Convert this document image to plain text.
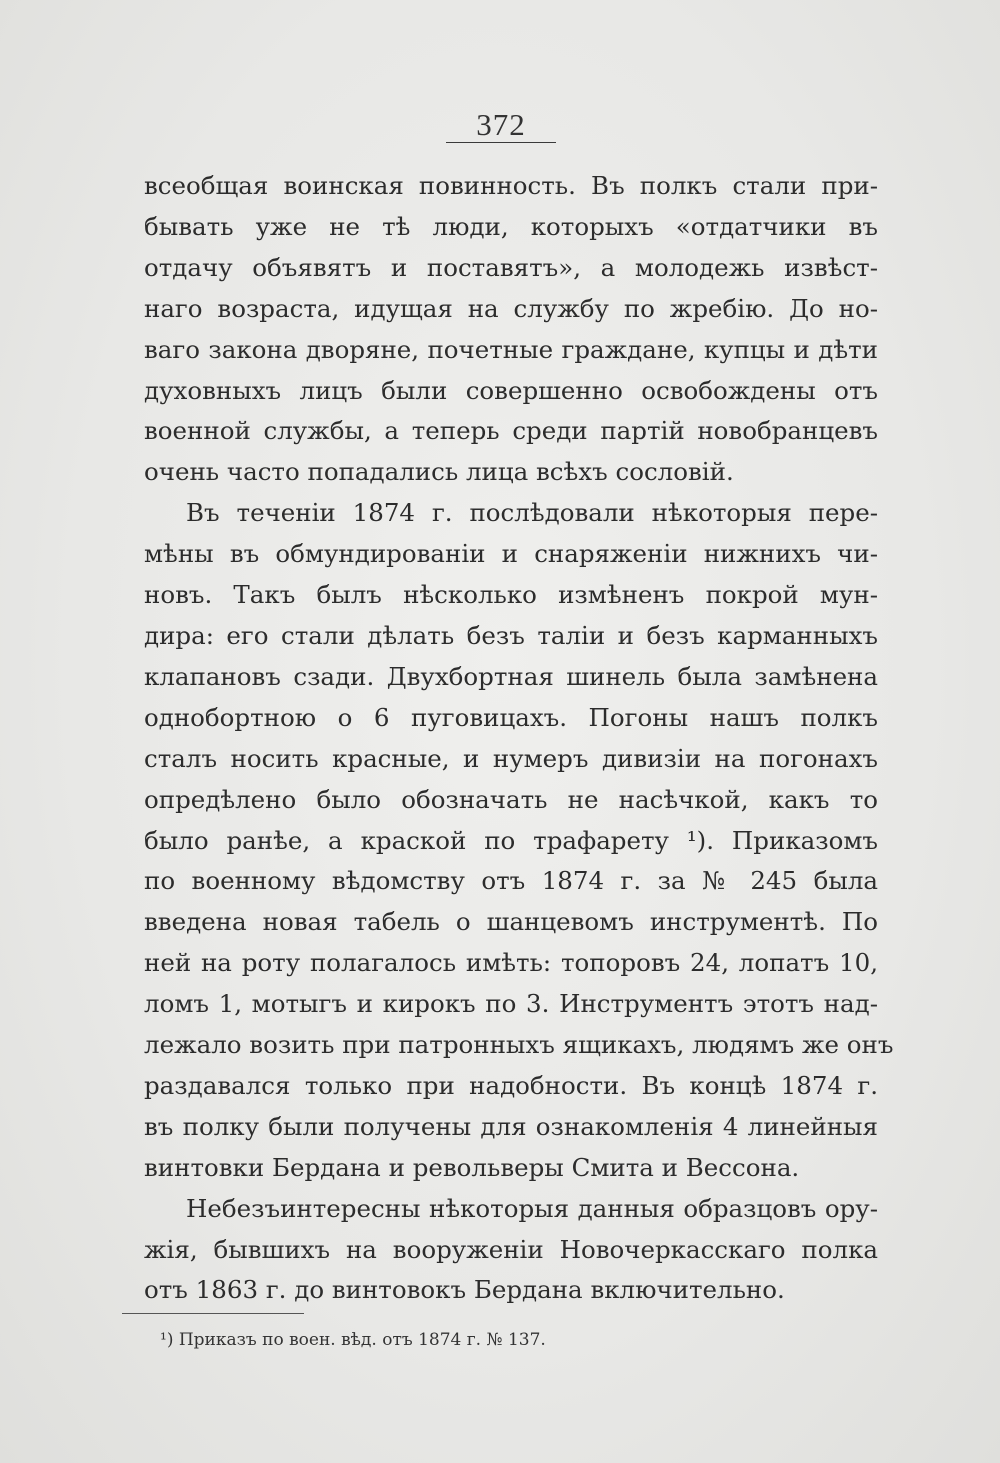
372
всеобщая воинская повинность. Въ полкъ стали при-
бывать уже не тѣ люди, которыхъ «отдатчики въ
отдачу объявятъ и поставятъ», а молодежь извѣст-
наго возраста, идущая на службу по жребію. До но-
ваго закона дворяне, почетные граждане, купцы и дѣти
духовныхъ лицъ были совершенно освобождены отъ
военной службы, а теперь среди партій новобранцевъ
очень часто попадались лица всѣхъ сословій.
Въ теченіи 1874 г. послѣдовали нѣкоторыя пере-
мѣны въ обмундированіи и снаряженіи нижнихъ чи-
новъ. Такъ былъ нѣсколько измѣненъ покрой мун-
дира: его стали дѣлать безъ таліи и безъ карманныхъ
клапановъ сзади. Двухбортная шинель была замѣнена
однобортною о 6 пуговицахъ. Погоны нашъ полкъ
сталъ носить красные, и нумеръ дивизіи на погонахъ
опредѣлено было обозначать не насѣчкой, какъ то
было ранѣе, а краской по трафарету ¹). Приказомъ
по военному вѣдомству отъ 1874 г. за № 245 была
введена новая табель о шанцевомъ инструментѣ. По
ней на роту полагалось имѣть: топоровъ 24, лопатъ 10,
ломъ 1, мотыгъ и кирокъ по 3. Инструментъ этотъ над-
лежало возить при патронныхъ ящикахъ, людямъ же онъ
раздавался только при надобности. Въ концѣ 1874 г.
въ полку были получены для ознакомленія 4 линейныя
винтовки Бердана и револьверы Смита и Вессона.
Небезъинтересны нѣкоторыя данныя образцовъ ору-
жія, бывшихъ на вооруженіи Новочеркасскаго полка
отъ 1863 г. до винтовокъ Бердана включительно.
¹) Приказъ по воен. вѣд. отъ 1874 г. № 137.
